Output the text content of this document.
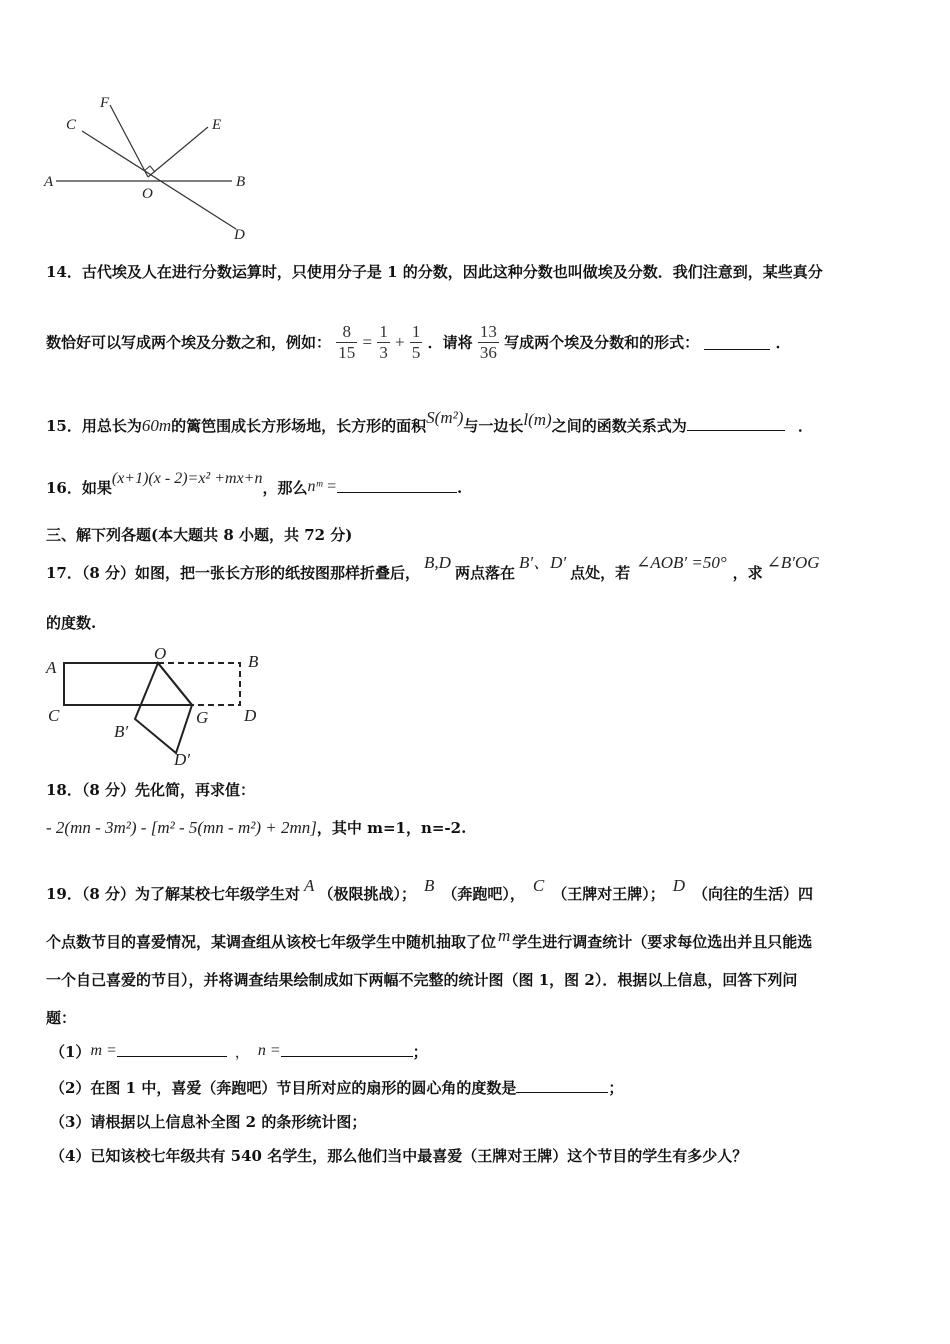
A	B
C
D
E
F
O
14．古代埃及人在进行分数运算时，只使用分子是 1 的分数，因此这种分数也叫做埃及分数．我们注意到，某些真分
数恰好可以写成两个埃及分数之和，例如： $\frac{8}{15} = \frac{1}{3} + \frac{1}{5}$ ．请将 $\frac{13}{36}$ 写成两个埃及分数和的形式：	．
15．用总长为60m的篱笆围成长方形场地，长方形的面积S(m²)与一边长l(m)之间的函数关系式为	．
16．如果(x+1)(x - 2)=x² +mx+n，那么nᵐ =	.
三、解下列各题(本大题共 8 小题，共 72 分)
17．（8 分）如图，把一张长方形的纸按图那样折叠后，B,D两点落在B′、D′点处，若∠AOB′ =50°，求∠B′OG
的度数.
A	B
C	D
O
G
B′
D′
18．（8 分）先化简，再求值：
- 2(mn - 3m²) - [m² - 5(mn - m²) + 2mn]，其中 m=1，n=-2.
19．（8 分）为了解某校七年级学生对 A （极限挑战）； B （奔跑吧）， C （王牌对王牌）； D （向往的生活）四
个点数节目的喜爱情况，某调查组从该校七年级学生中随机抽取了位 m 学生进行调查统计（要求每位选出并且只能选
一个自己喜爱的节目），并将调查结果绘制成如下两幅不完整的统计图（图 1，图 2）．根据以上信息，回答下列问
题：
（1）m =	， n =	；
（2）在图 1 中，喜爱（奔跑吧）节目所对应的扇形的圆心角的度数是	；
（3）请根据以上信息补全图 2 的条形统计图；
（4）已知该校七年级共有 540 名学生，那么他们当中最喜爱（王牌对王牌）这个节目的学生有多少人？
